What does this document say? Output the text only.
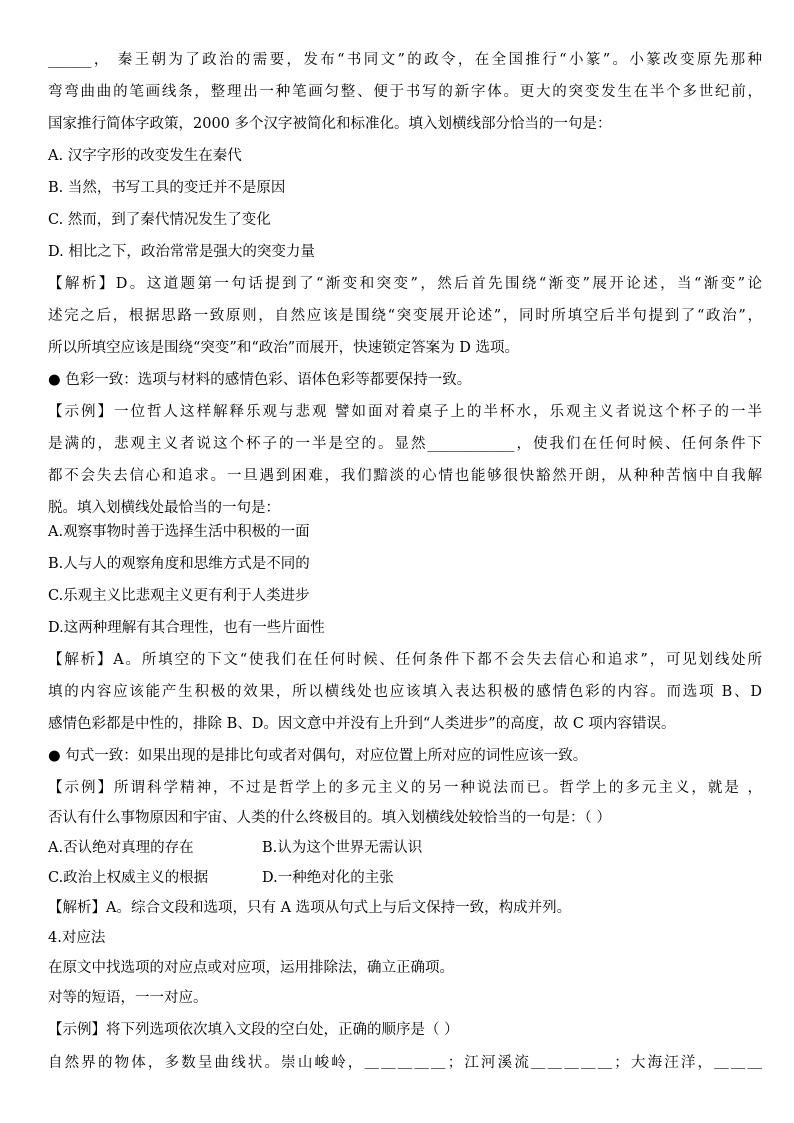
______， 秦王朝为了政治的需要，发布“书同文”的政令，在全国推行“小篆”。小篆改变原先那种
弯弯曲曲的笔画线条，整理出一种笔画匀整、便于书写的新字体。更大的突变发生在半个多世纪前，
国家推行简体字政策，2000 多个汉字被简化和标准化。填入划横线部分恰当的一句是：
A. 汉字字形的改变发生在秦代
B. 当然，书写工具的变迁并不是原因
C. 然而，到了秦代情况发生了变化
D. 相比之下，政治常常是强大的突变力量
【解析】D。这道题第一句话提到了“渐变和突变”，然后首先围绕“渐变”展开论述，当“渐变”论
述完之后，根据思路一致原则，自然应该是围绕“突变展开论述”，同时所填空后半句提到了“政治”，
所以所填空应该是围绕“突变”和“政治”而展开，快速锁定答案为 D 选项。
● 色彩一致：选项与材料的感情色彩、语体色彩等都要保持一致。
【示例】一位哲人这样解释乐观与悲观 譬如面对着桌子上的半杯水，乐观主义者说这个杯子的一半
是满的，悲观主义者说这个杯子的一半是空的。显然____________，使我们在任何时候、任何条件下
都不会失去信心和追求。一旦遇到困难，我们黯淡的心情也能够很快豁然开朗，从种种苦恼中自我解
脱。填入划横线处最恰当的一句是：
A.观察事物时善于选择生活中积极的一面
B.人与人的观察角度和思维方式是不同的
C.乐观主义比悲观主义更有利于人类进步
D.这两种理解有其合理性，也有一些片面性
【解析】A。所填空的下文“使我们在任何时候、任何条件下都不会失去信心和追求”，可见划线处所
填的内容应该能产生积极的效果，所以横线处也应该填入表达积极的感情色彩的内容。而选项 B、D
感情色彩都是中性的，排除 B、D。因文意中并没有上升到“人类进步”的高度，故 C 项内容错误。
● 句式一致：如果出现的是排比句或者对偶句，对应位置上所对应的词性应该一致。
【示例】所谓科学精神，不过是哲学上的多元主义的另一种说法而已。哲学上的多元主义，就是 ，
否认有什么事物原因和宇宙、人类的什么终极目的。填入划横线处较恰当的一句是：（ ）
A.否认绝对真理的存在	B.认为这个世界无需认识
C.政治上权威主义的根据	D.一种绝对化的主张
【解析】A。综合文段和选项，只有 A 选项从句式上与后文保持一致，构成并列。
4.对应法
在原文中找选项的对应点或对应项，运用排除法，确立正确项。
对等的短语，一一对应。
【示例】将下列选项依次填入文段的空白处，正确的顺序是（ ）
自然界的物体，多数呈曲线状。崇山峻岭，＿＿＿＿＿；江河溪流＿＿＿＿＿；大海汪洋，＿＿＿
